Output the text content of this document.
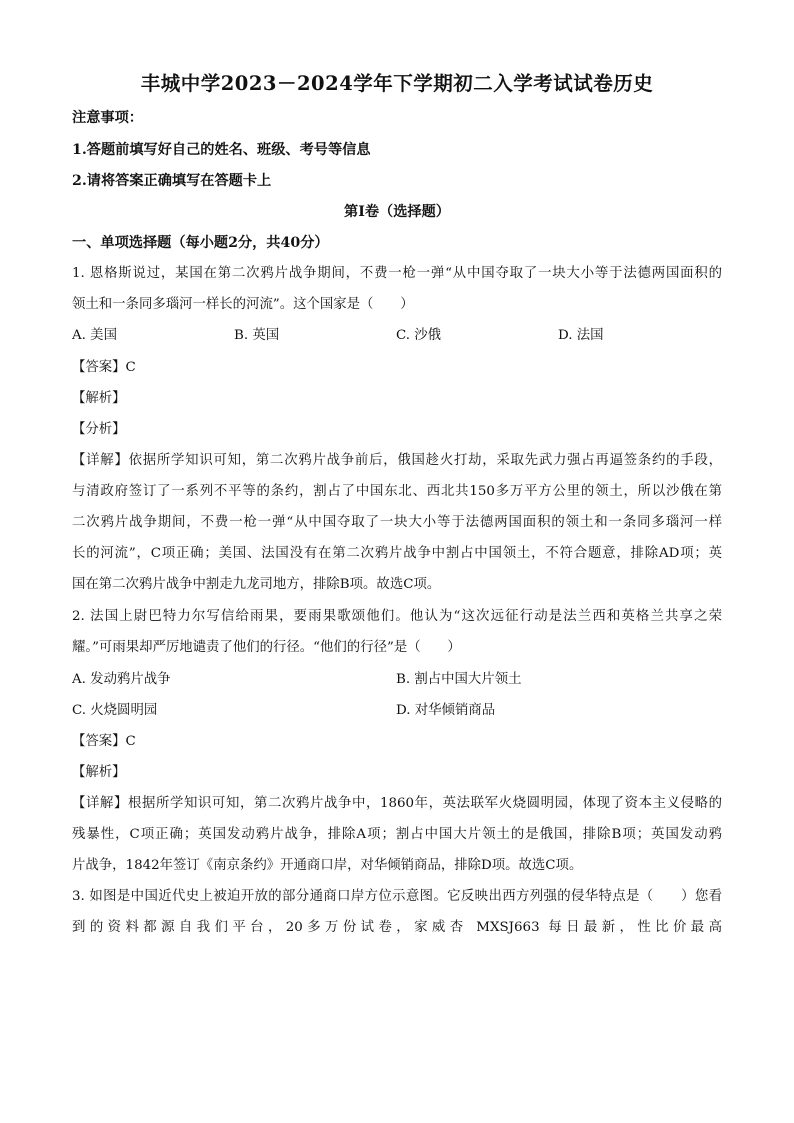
丰城中学2023－2024学年下学期初二入学考试试卷历史
注意事项：
1.答题前填写好自己的姓名、班级、考号等信息
2.请将答案正确填写在答题卡上
第I卷（选择题）
一、单项选择题（每小题2分，共40分）
1. 恩格斯说过，某国在第二次鸦片战争期间，不费一枪一弹“从中国夺取了一块大小等于法德两国面积的
领土和一条同多瑙河一样长的河流”。这个国家是（　　）
A. 美国	B. 英国	C. 沙俄	D. 法国
【答案】C
【解析】
【分析】
【详解】依据所学知识可知，第二次鸦片战争前后，俄国趁火打劫，采取先武力强占再逼签条约的手段，
与清政府签订了一系列不平等的条约，割占了中国东北、西北共150多万平方公里的领土，所以沙俄在第
二次鸦片战争期间，不费一枪一弹“从中国夺取了一块大小等于法德两国面积的领土和一条同多瑙河一样
长的河流”，C项正确；美国、法国没有在第二次鸦片战争中割占中国领土，不符合题意，排除AD项；英
国在第二次鸦片战争中割走九龙司地方，排除B项。故选C项。
2. 法国上尉巴特力尔写信给雨果，要雨果歌颂他们。他认为“这次远征行动是法兰西和英格兰共享之荣
耀。”可雨果却严厉地谴责了他们的行径。“他们的行径”是（　　）
A. 发动鸦片战争	B. 割占中国大片领土
C. 火烧圆明园	D. 对华倾销商品
【答案】C
【解析】
【详解】根据所学知识可知，第二次鸦片战争中，1860年，英法联军火烧圆明园，体现了资本主义侵略的
残暴性，C项正确；英国发动鸦片战争，排除A项；割占中国大片领土的是俄国，排除B项；英国发动鸦
片战争，1842年签订《南京条约》开通商口岸，对华倾销商品，排除D项。故选C项。
3. 如图是中国近代史上被迫开放的部分通商口岸方位示意图。它反映出西方列强的侵华特点是（　　）您看
到的资料都源自我们平台，20多万份试卷，家威杏 MXSJ663 每日最新，性比价最高
